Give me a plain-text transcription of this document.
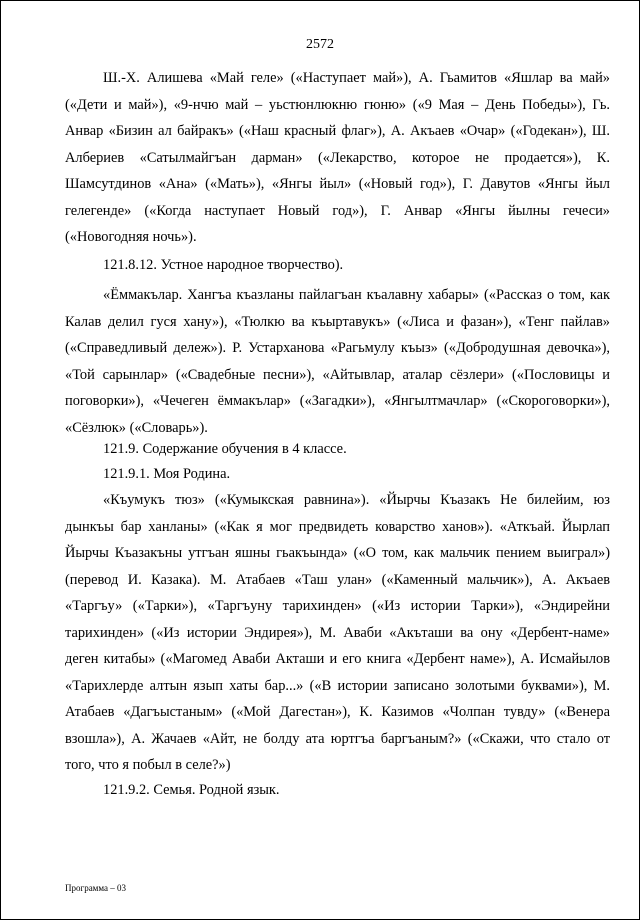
2572

Ш.-Х. Алишева «Май геле» («Наступает май»), А. Гьамитов «Яшлар ва май» («Дети и май»), «9-нчю май – уьстюнлюкню гюню» («9 Мая – День Победы»), Гь. Анвар «Бизин ал байракъ» («Наш красный флаг»), А. Акъаев «Очар» («Годекан»), Ш. Албериев «Сатылмайгъан дарман» («Лекарство, которое не продается»), К. Шамсутдинов «Ана» («Мать»), «Янгы йыл» («Новый год»), Г. Давутов «Янгы йыл гелегенде» («Когда наступает Новый год»), Г. Анвар «Янгы йылны гечеси» («Новогодняя ночь»).

121.8.12. Устное народное творчество).

«Ёммакълар. Хангъа къазланы пайлагъан къалавну хабары» («Рассказ о том, как Калав делил гуся хану»), «Тюлкю ва къыртавукъ» («Лиса и фазан»), «Тенг пайлав» («Справедливый дележ»). Р. Устарханова «Рагьмулу къыз» («Добродушная девочка»), «Той сарынлар» («Свадебные песни»), «Айтывлар, аталар сёзлери» («Пословицы и поговорки»), «Чечеген ёммакълар» («Загадки»), «Янгылтмачлар» («Скороговорки»), «Сёзлюк» («Словарь»).

121.9. Содержание обучения в 4 классе.

121.9.1. Моя Родина.

«Къумукъ тюз» («Кумыкская равнина»). «Йырчы Къазакъ Не билейим, юз дынкъы бар ханланы» («Как я мог предвидеть коварство ханов»). «Аткъай. Йырлап Йырчы Къазакъны утгъан яшны гьакъында» («О том, как мальчик пением выиграл») (перевод И. Казака). М. Атабаев «Таш улан» («Каменный мальчик»), А. Акъаев «Таргъу» («Тарки»), «Таргъуну тарихинден» («Из истории Тарки»), «Эндирейни тарихинден» («Из истории Эндирея»), М. Аваби «Акъташи ва ону «Дербент-наме» деген китабы» («Магомед Аваби Акташи и его книга «Дербент наме»), А. Исмайылов «Тарихлерде алтын язып хаты бар...» («В истории записано золотыми буквами»), М. Атабаев «Дагъыстаным» («Мой Дагестан»), К. Казимов «Чолпан тувду» («Венера взошла»), А. Жачаев «Айт, не болду ата юртгъа баргъаным?» («Скажи, что стало от того, что я побыл в селе?»)

121.9.2. Семья. Родной язык.

Программа – 03
